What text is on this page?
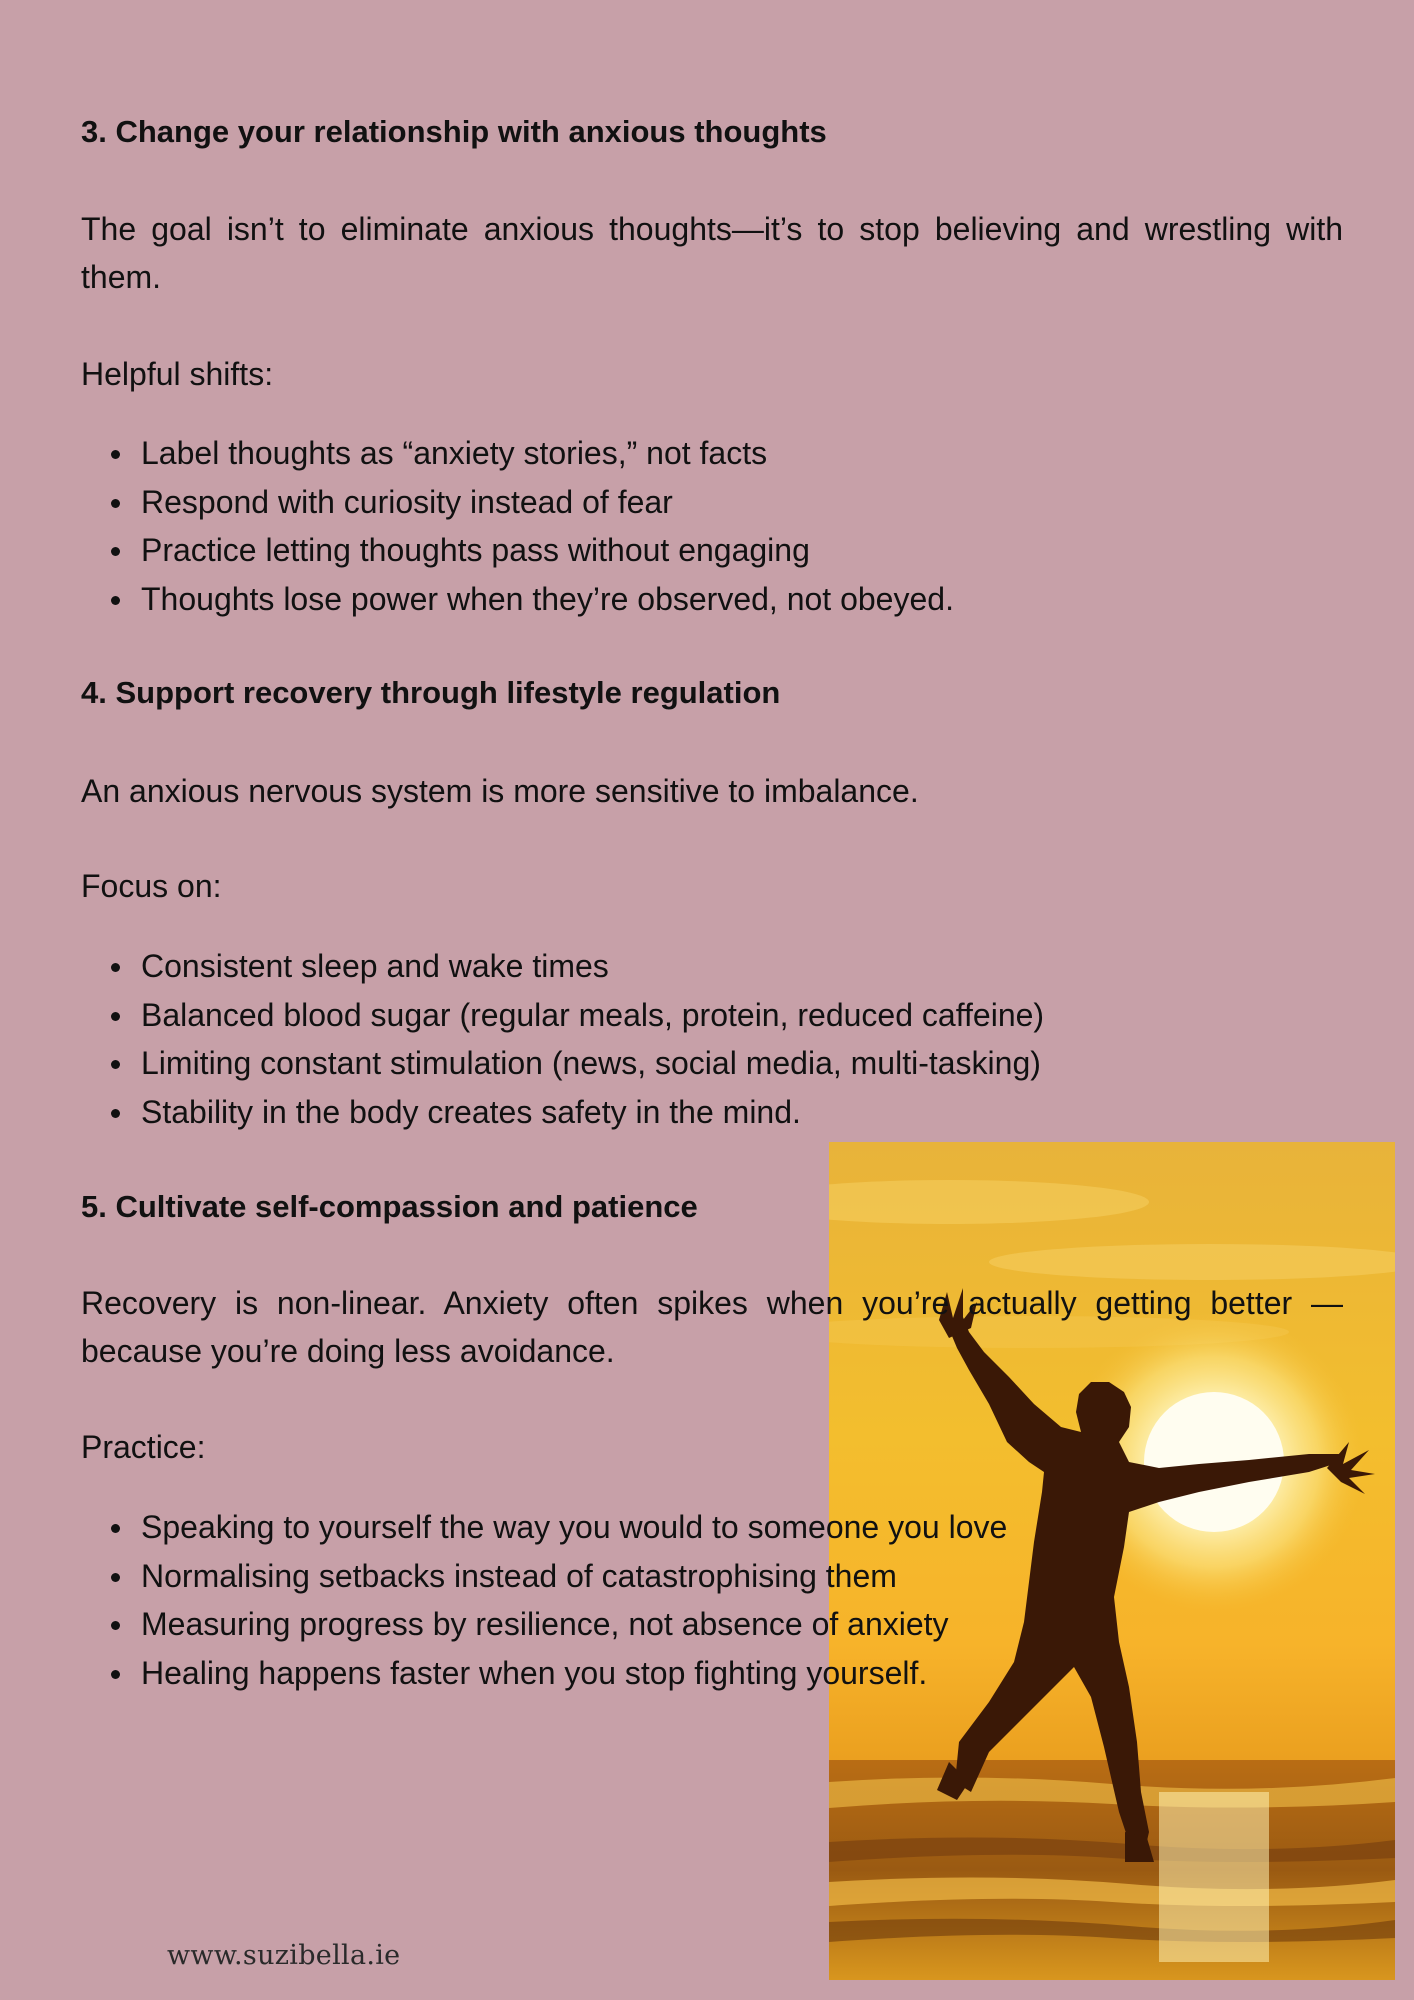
3. Change your relationship with anxious thoughts
The goal isn’t to eliminate anxious thoughts—it’s to stop believing and wrestling with them.
Helpful shifts:
Label thoughts as “anxiety stories,” not facts
Respond with curiosity instead of fear
Practice letting thoughts pass without engaging
Thoughts lose power when they’re observed, not obeyed.
4. Support recovery through lifestyle regulation
An anxious nervous system is more sensitive to imbalance.
Focus on:
Consistent sleep and wake times
Balanced blood sugar (regular meals, protein, reduced caffeine)
Limiting constant stimulation (news, social media, multi-tasking)
Stability in the body creates safety in the mind.
5. Cultivate self-compassion and patience
Recovery is non-linear. Anxiety often spikes when you’re actually getting better — because you’re doing less avoidance.
Practice:
Speaking to yourself the way you would to someone you love
Normalising setbacks instead of catastrophising them
Measuring progress by resilience, not absence of anxiety
Healing happens faster when you stop fighting yourself.
www.suzibella.ie
